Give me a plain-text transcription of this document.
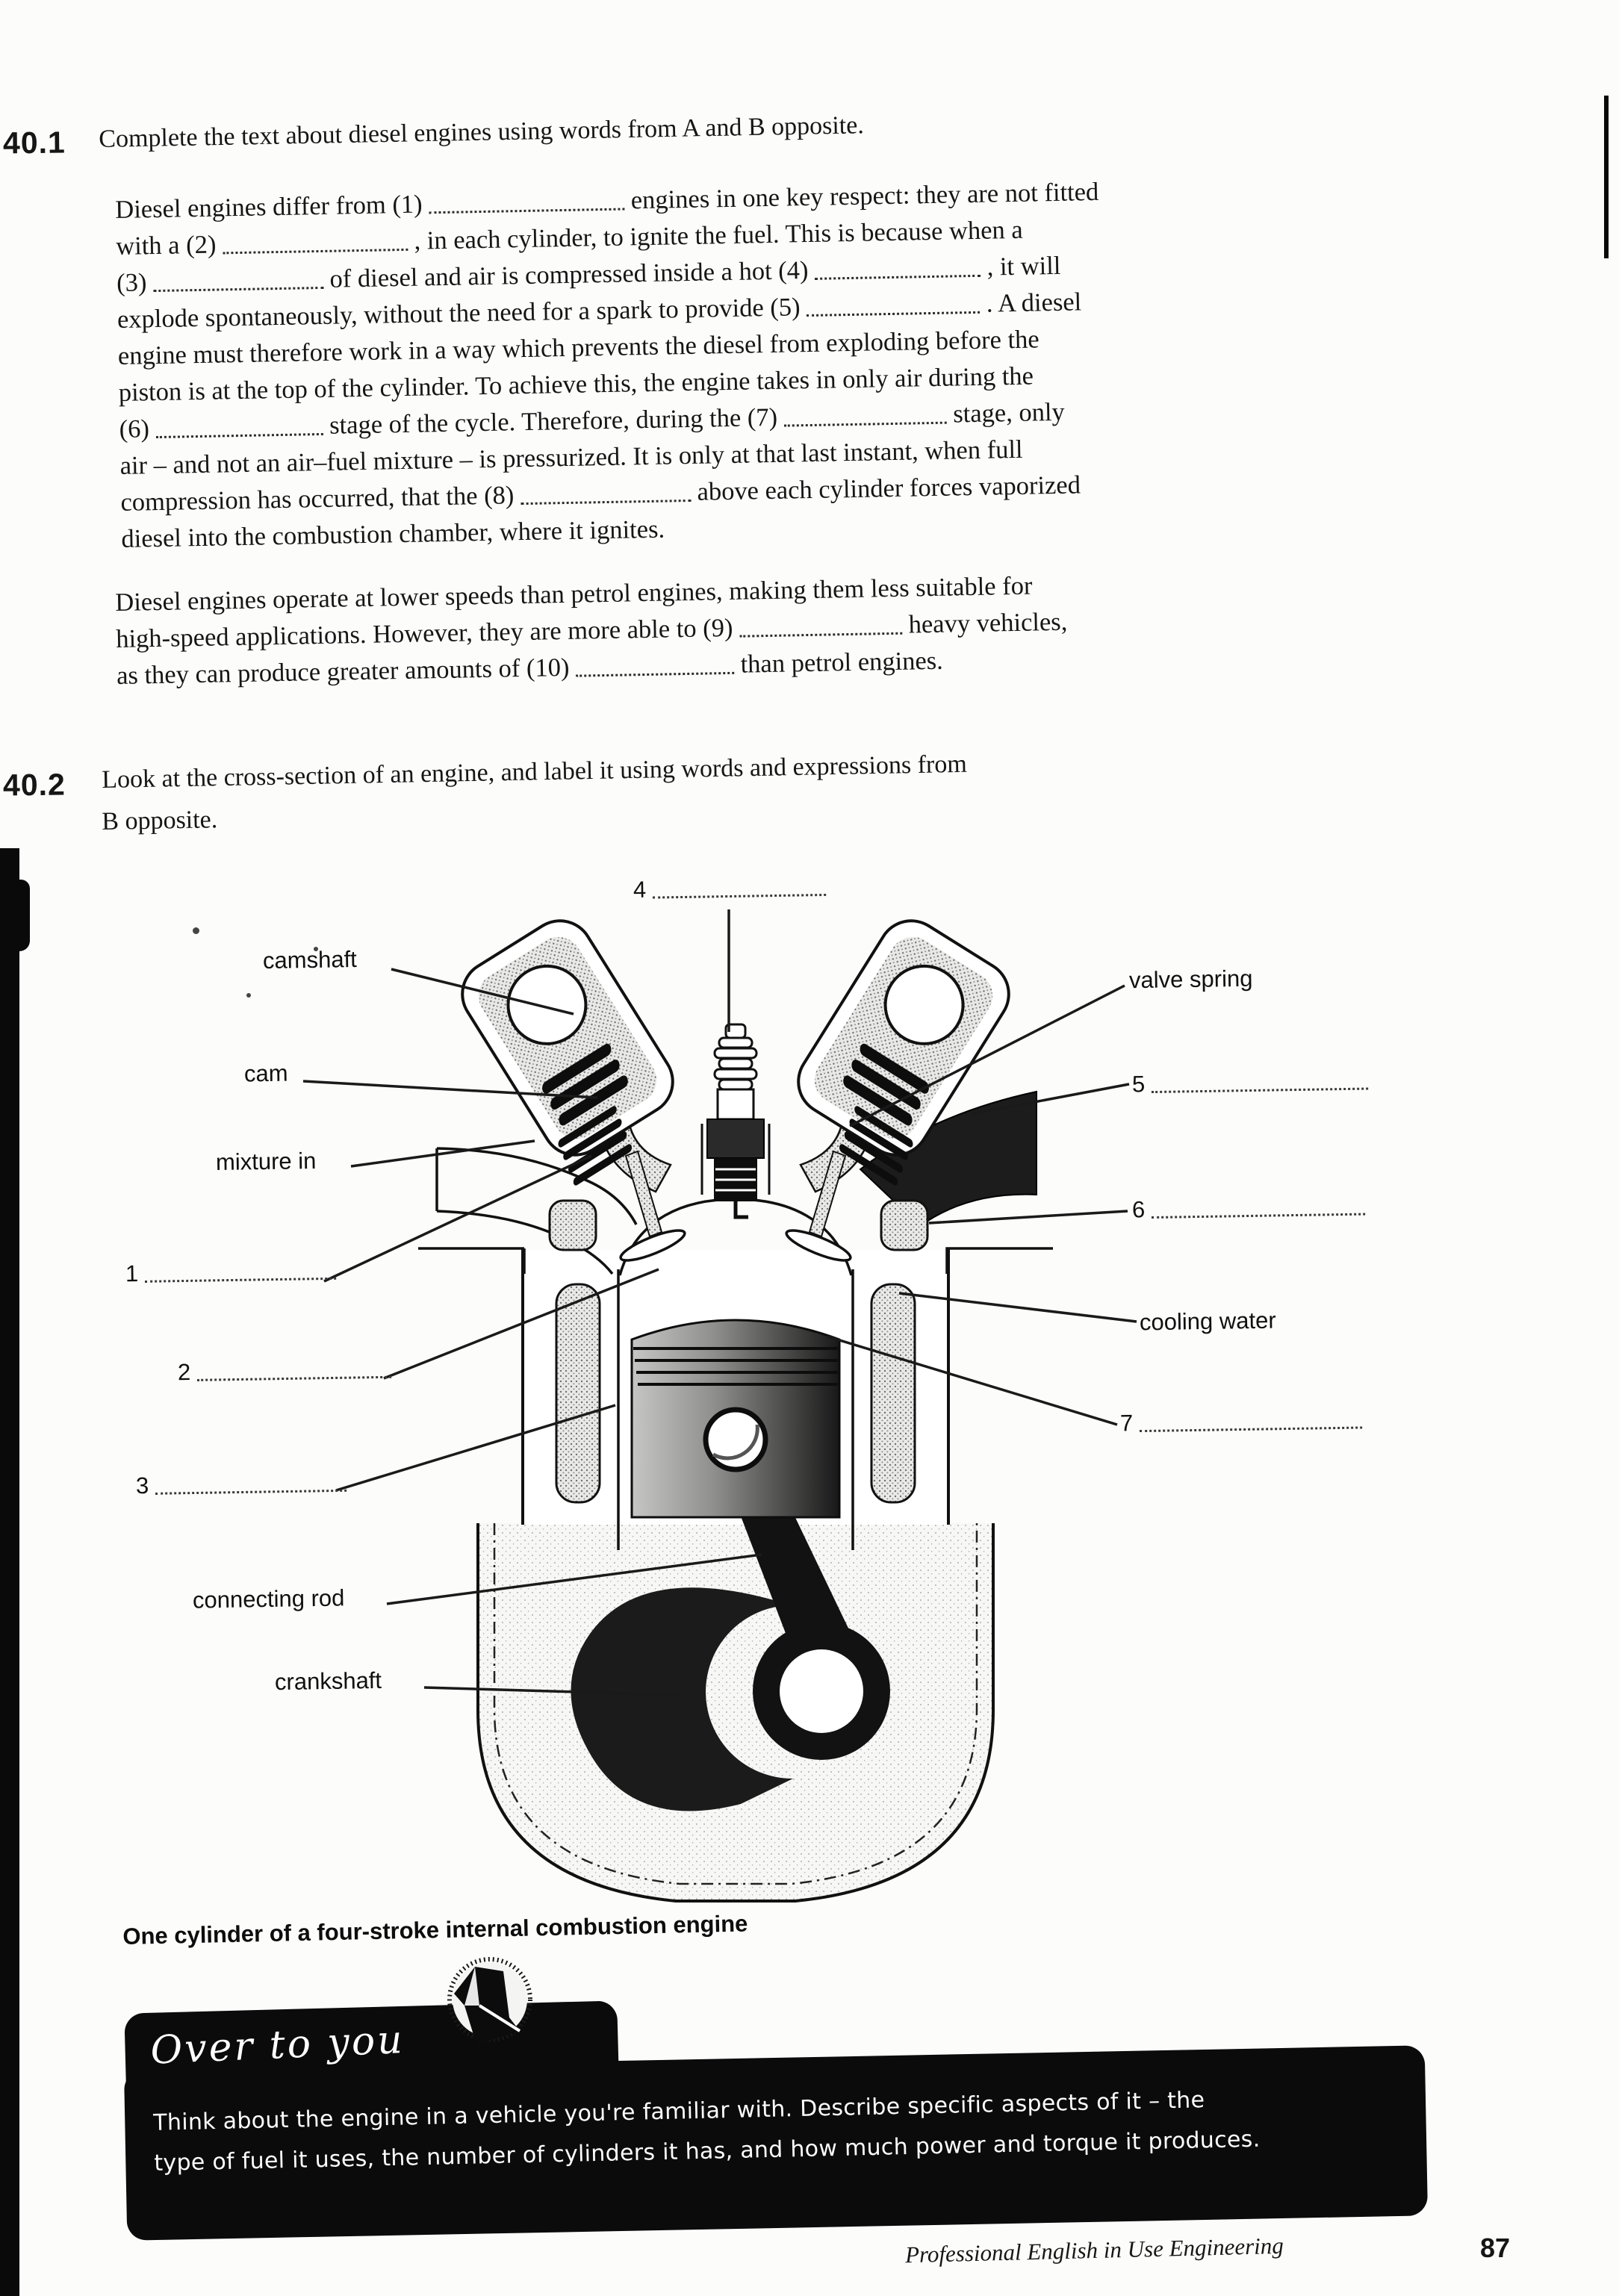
40.1 Complete the text about diesel engines using words from A and B opposite.
Diesel engines differ from (1)	engines in one key respect: they are not fitted
with a (2)	, in each cylinder, to ignite the fuel. This is because when a
(3)	of diesel and air is compressed inside a hot (4)	, it will
explode spontaneously, without the need for a spark to provide (5)	. A diesel
engine must therefore work in a way which prevents the diesel from exploding before the
piston is at the top of the cylinder. To achieve this, the engine takes in only air during the
(6)	stage of the cycle. Therefore, during the (7)	stage, only
air – and not an air–fuel mixture – is pressurized. It is only at that last instant, when full
compression has occurred, that the (8)	above each cylinder forces vaporized
diesel into the combustion chamber, where it ignites.
Diesel engines operate at lower speeds than petrol engines, making them less suitable for
high-speed applications. However, they are more able to (9)	heavy vehicles,
as they can produce greater amounts of (10)	than petrol engines.
40.2 Look at the cross-section of an engine, and label it using words and expressions from
B opposite.
4
camshaft
cam
mixture in
1
2
3
connecting rod
crankshaft
valve spring
5
6
cooling water
7
One cylinder of a four-stroke internal combustion engine
Over to you
Think about the engine in a vehicle you're familiar with. Describe specific aspects of it – the
type of fuel it uses, the number of cylinders it has, and how much power and torque it produces.
Professional English in Use Engineering	87
